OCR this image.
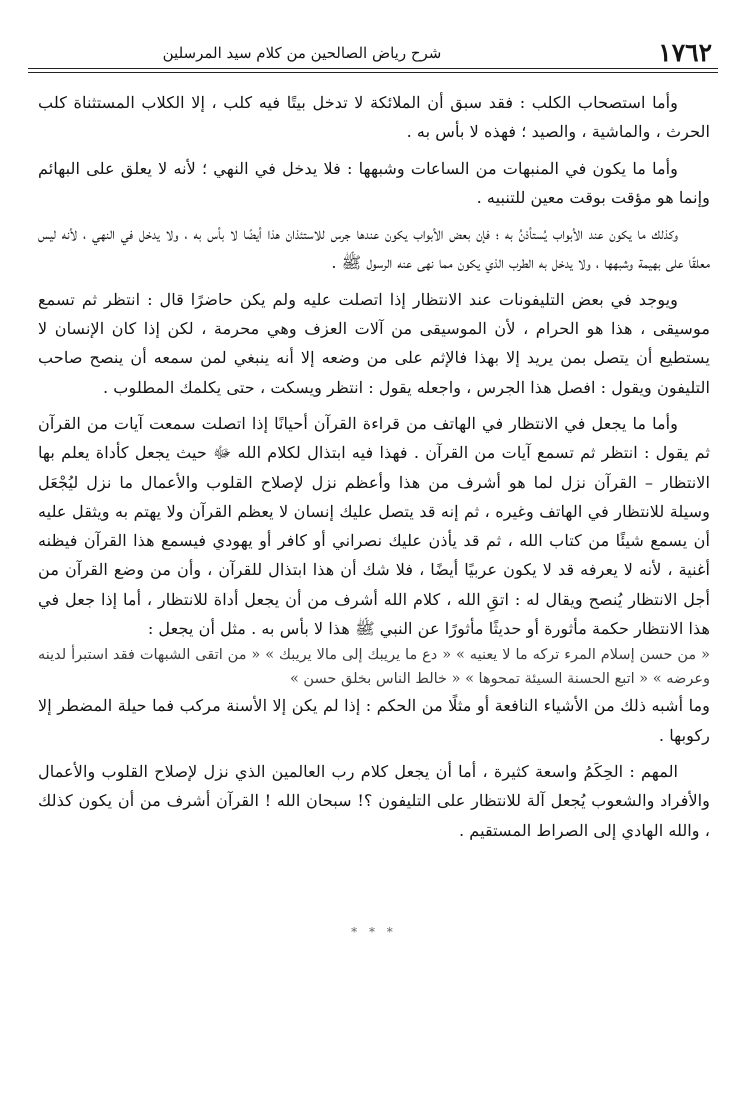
١٧٦٢
شرح رياض الصالحين من كلام سيد المرسلين

وأما استصحاب الكلب : فقد سبق أن الملائكة لا تدخل بيتًا فيه كلب ، إلا الكلاب المستثناة كلب الحرث ، والماشية ، والصيد ؛ فهذه لا بأس به .

وأما ما يكون في المنبهات من الساعات وشبهها : فلا يدخل في النهي ؛ لأنه لا يعلق على البهائم وإنما هو مؤقت بوقت معين للتنبيه .

وكذلك ما يكون عند الأبواب يُستأذنُ به ؛ فإن بعض الأبواب يكون عندها جرس للاستئذان هذا أيضًا لا بأس به ، ولا يدخل في النهي ، لأنه ليس معلقًا على بهيمة وشبهها ، ولا يدخل به الطرب الذي يكون مما نهى عنه الرسول ﷺ .

ويوجد في بعض التليفونات عند الانتظار إذا اتصلت عليه ولم يكن حاضرًا قال : انتظر ثم تسمع موسيقى ، هذا هو الحرام ، لأن الموسيقى من آلات العزف وهي محرمة ، لكن إذا كان الإنسان لا يستطيع أن يتصل بمن يريد إلا بهذا فالإثم على من وضعه إلا أنه ينبغي لمن سمعه أن ينصح صاحب التليفون ويقول : افصل هذا الجرس ، واجعله يقول : انتظر ويسكت ، حتى يكلمك المطلوب .

وأما ما يجعل في الانتظار في الهاتف من قراءة القرآن أحيانًا إذا اتصلت سمعت آيات من القرآن ثم يقول : انتظر ثم تسمع آيات من القرآن . فهذا فيه ابتذال لكلام الله ﷻ حيث يجعل كأداة يعلم بها الانتظار – القرآن نزل لما هو أشرف من هذا وأعظم نزل لإصلاح القلوب والأعمال ما نزل ليُجْعَل وسيلة للانتظار في الهاتف وغيره ، ثم إنه قد يتصل عليك إنسان لا يعظم القرآن ولا يهتم به ويثقل عليه أن يسمع شيئًا من كتاب الله ، ثم قد يأذن عليك نصراني أو كافر أو يهودي فيسمع هذا القرآن فيظنه أغنية ، لأنه لا يعرفه قد لا يكون عربيًا أيضًا ، فلا شك أن هذا ابتذال للقرآن ، وأن من وضع القرآن من أجل الانتظار يُنصح ويقال له : اتقِ الله ، كلام الله أشرف من أن يجعل أداة للانتظار ، أما إذا جعل في هذا الانتظار حكمة مأثورة أو حديثًا مأثورًا عن النبي ﷺ هذا لا بأس به . مثل أن يجعل :

« من حسن إسلام المرء تركه ما لا يعنيه » « دع ما يريبك إلى مالا يريبك » « من اتقى الشبهات فقد استبرأ لدينه وعرضه » « اتبع الحسنة السيئة تمحوها » « خالط الناس بخلق حسن »

وما أشبه ذلك من الأشياء النافعة أو مثلًا من الحكم : إذا لم يكن إلا الأسنة مركب فما حيلة المضطر إلا ركوبها .

المهم : الحِكَمُ واسعة كثيرة ، أما أن يجعل كلام رب العالمين الذي نزل لإصلاح القلوب والأعمال والأفراد والشعوب يُجعل آلة للانتظار على التليفون ؟! سبحان الله ! القرآن أشرف من أن يكون كذلك ، والله الهادي إلى الصراط المستقيم .

* * *
